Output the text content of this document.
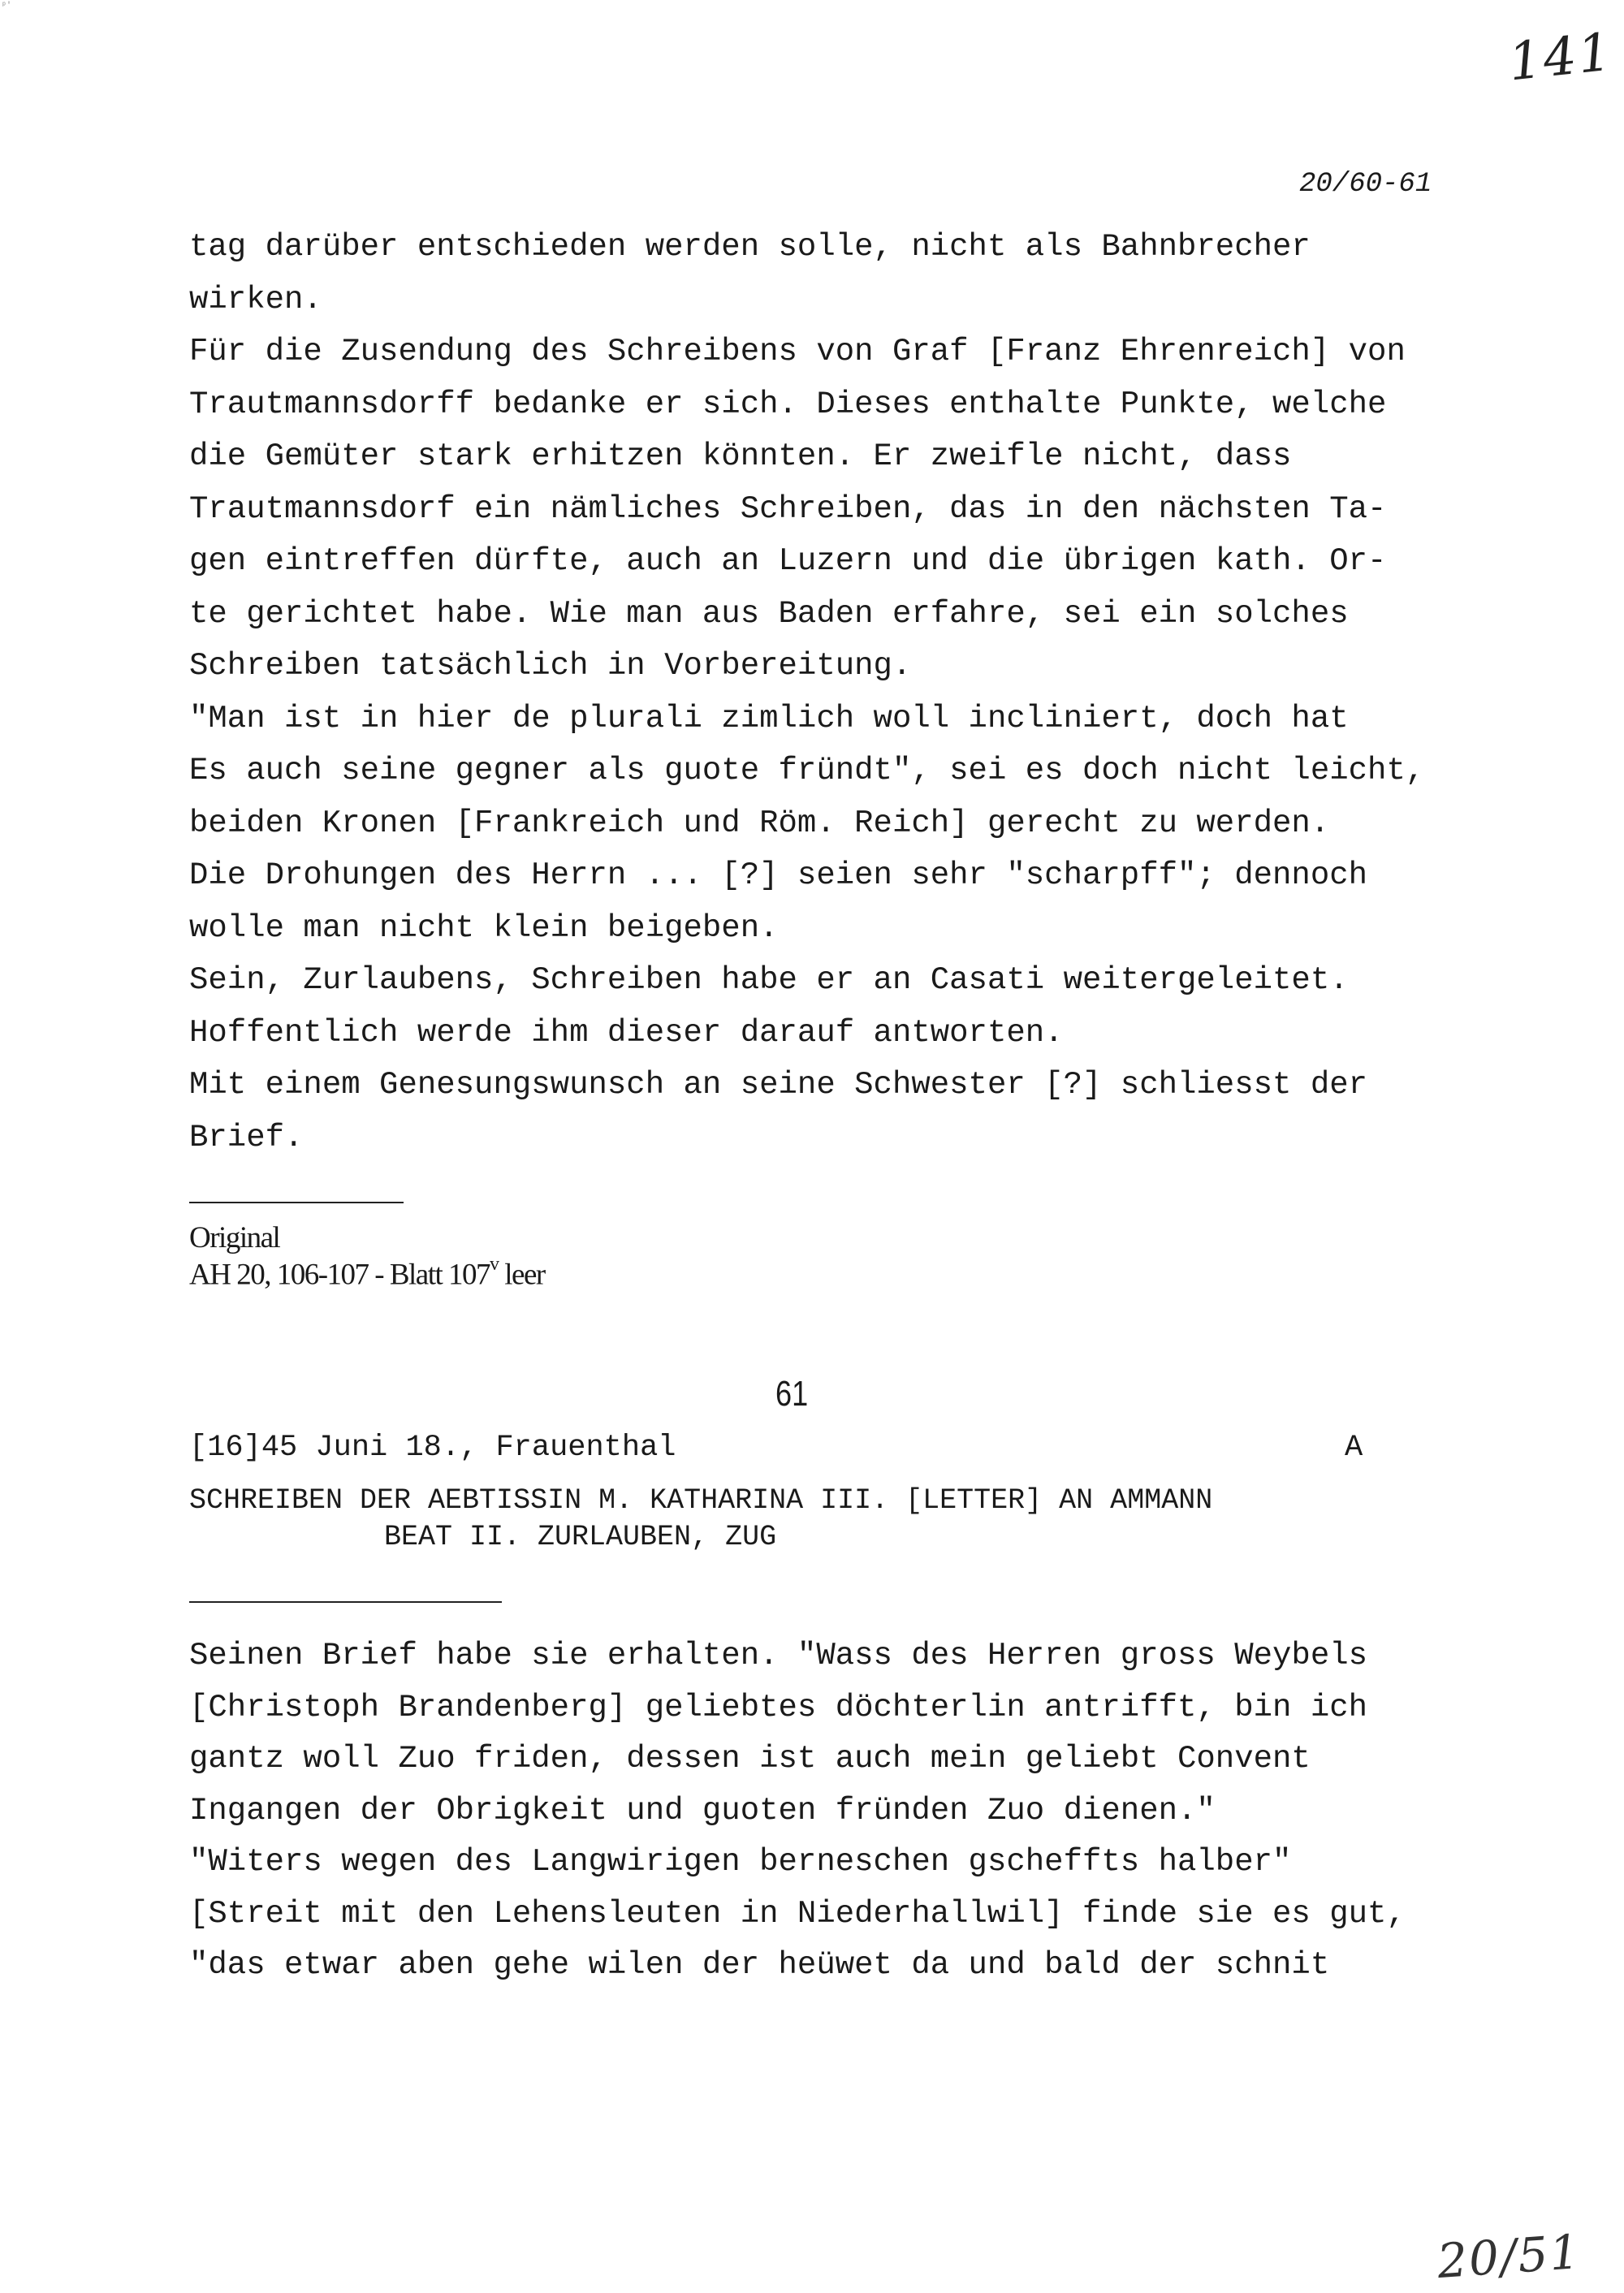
ᵖ'
141
20/60-61
tag darüber entschieden werden solle, nicht als Bahnbrecher
wirken.
Für die Zusendung des Schreibens von Graf [Franz Ehrenreich] von
Trautmannsdorff bedanke er sich. Dieses enthalte Punkte, welche
die Gemüter stark erhitzen könnten. Er zweifle nicht, dass
Trautmannsdorf ein nämliches Schreiben, das in den nächsten Ta-
gen eintreffen dürfte, auch an Luzern und die übrigen kath. Or-
te gerichtet habe. Wie man aus Baden erfahre, sei ein solches
Schreiben tatsächlich in Vorbereitung.
"Man ist in hier de plurali zimlich woll incliniert, doch hat
Es auch seine gegner als guote fründt", sei es doch nicht leicht,
beiden Kronen [Frankreich und Röm. Reich] gerecht zu werden.
Die Drohungen des Herrn ... [?] seien sehr "scharpff"; dennoch
wolle man nicht klein beigeben.
Sein, Zurlaubens, Schreiben habe er an Casati weitergeleitet.
Hoffentlich werde ihm dieser darauf antworten.
Mit einem Genesungswunsch an seine Schwester [?] schliesst der
Brief.
Original
AH 20, 106-107 - Blatt 107$^v$ leer
61
[16]45 Juni 18., Frauenthal	A
SCHREIBEN DER AEBTISSIN M. KATHARINA III. [LETTER] AN AMMANN
BEAT II. ZURLAUBEN, ZUG
Seinen Brief habe sie erhalten. "Wass des Herren gross Weybels
[Christoph Brandenberg] geliebtes döchterlin antrifft, bin ich
gantz woll Zuo friden, dessen ist auch mein geliebt Convent
Ingangen der Obrigkeit und guoten fründen Zuo dienen."
"Witers wegen des Langwirigen berneschen gscheffts halber"
[Streit mit den Lehensleuten in Niederhallwil] finde sie es gut,
"das etwar aben gehe wilen der heüwet da und bald der schnit
20/51
